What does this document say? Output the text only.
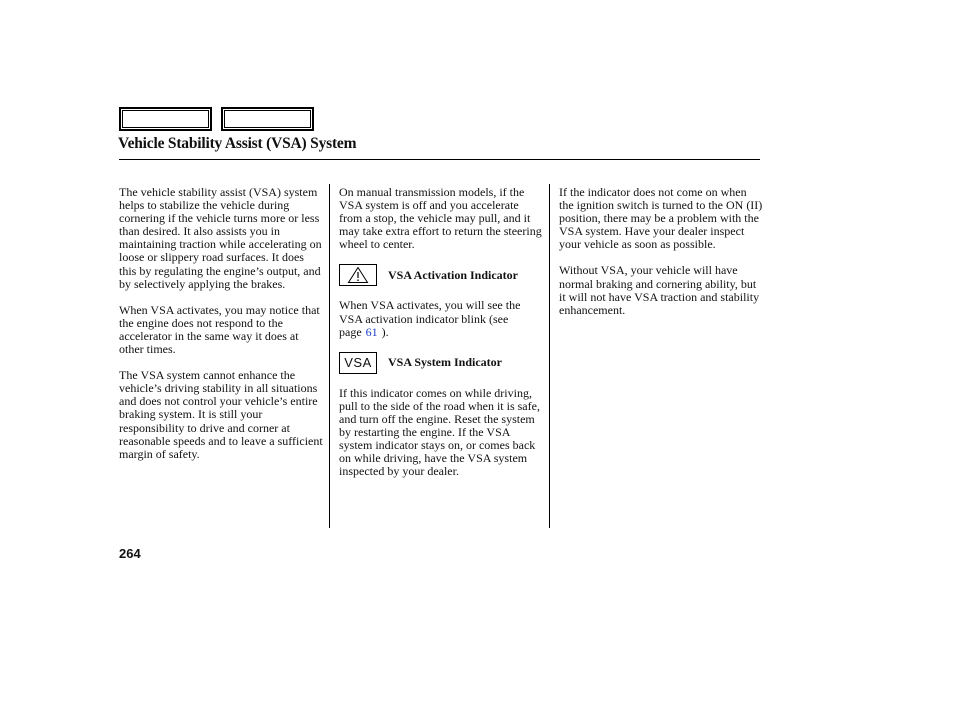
Vehicle Stability Assist (VSA) System

The vehicle stability assist (VSA) system helps to stabilize the vehicle during cornering if the vehicle turns more or less than desired. It also assists you in maintaining traction while accelerating on loose or slippery road surfaces. It does this by regulating the engine’s output, and by selectively applying the brakes.

When VSA activates, you may notice that the engine does not respond to the accelerator in the same way it does at other times.

The VSA system cannot enhance the vehicle’s driving stability in all situations and does not control your vehicle’s entire braking system. It is still your responsibility to drive and corner at reasonable speeds and to leave a sufficient margin of safety.

On manual transmission models, if the VSA system is off and you accelerate from a stop, the vehicle may pull, and it may take extra effort to return the steering wheel to center.

VSA Activation Indicator

When VSA activates, you will see the VSA activation indicator blink (see page 61 ).

VSA VSA System Indicator

If this indicator comes on while driving, pull to the side of the road when it is safe, and turn off the engine. Reset the system by restarting the engine. If the VSA system indicator stays on, or comes back on while driving, have the VSA system inspected by your dealer.

If the indicator does not come on when the ignition switch is turned to the ON (II) position, there may be a problem with the VSA system. Have your dealer inspect your vehicle as soon as possible.

Without VSA, your vehicle will have normal braking and cornering ability, but it will not have VSA traction and stability enhancement.

264
